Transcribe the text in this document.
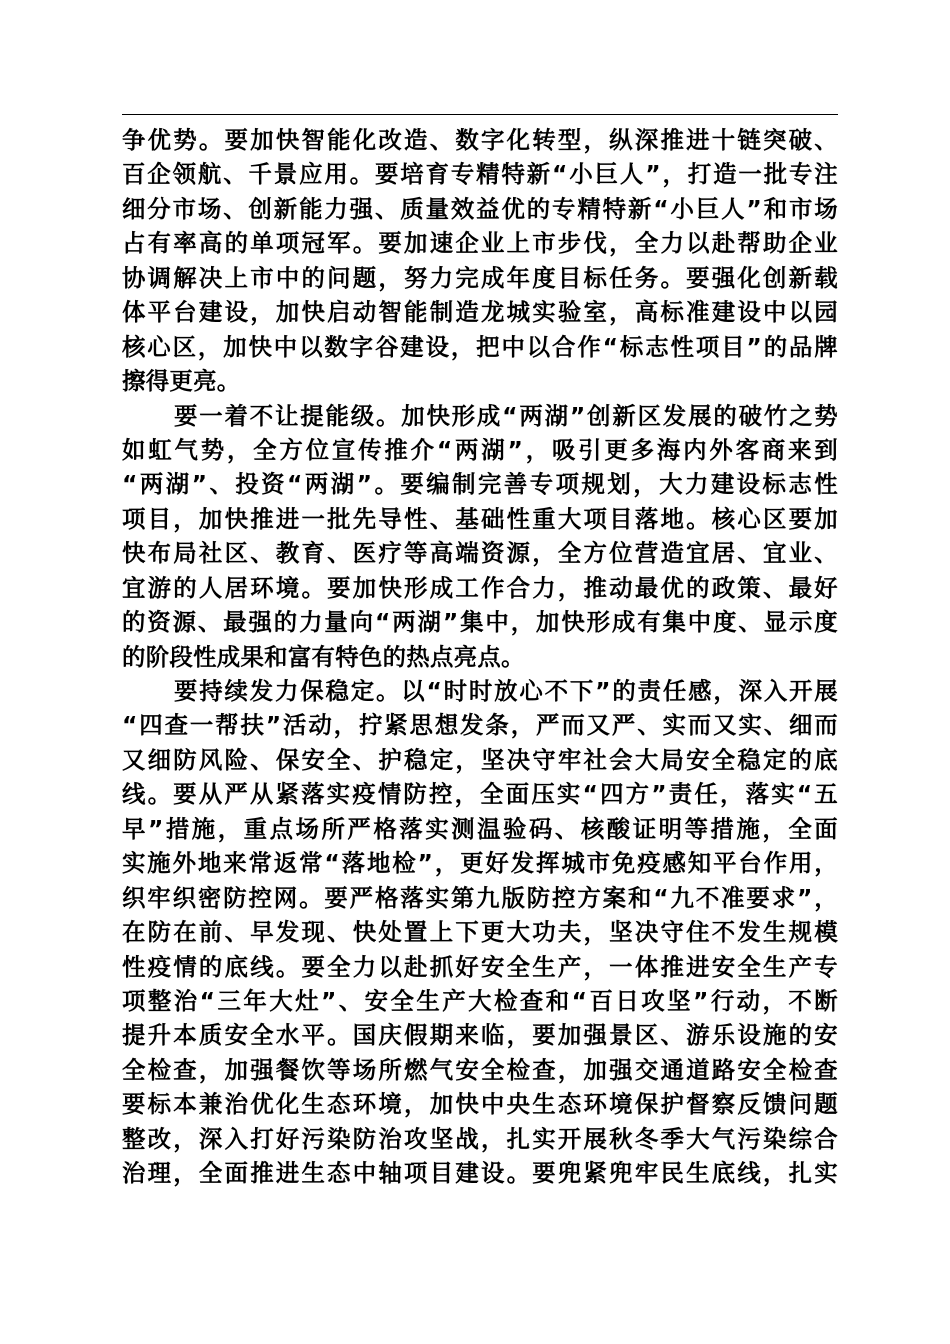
争优势。要加快智能化改造、数字化转型，纵深推进十链突破、
百企领航、千景应用。要培育专精特新“小巨人”，打造一批专注
细分市场、创新能力强、质量效益优的专精特新“小巨人”和市场
占有率高的单项冠军。要加速企业上市步伐，全力以赴帮助企业
协调解决上市中的问题，努力完成年度目标任务。要强化创新载
体平台建设，加快启动智能制造龙城实验室，高标准建设中以园
核心区，加快中以数字谷建设，把中以合作“标志性项目”的品牌
擦得更亮。
要一着不让提能级。加快形成“两湖”创新区发展的破竹之势
如虹气势，全方位宣传推介“两湖”，吸引更多海内外客商来到
“两湖”、投资“两湖”。要编制完善专项规划，大力建设标志性
项目，加快推进一批先导性、基础性重大项目落地。核心区要加
快布局社区、教育、医疗等高端资源，全方位营造宜居、宜业、
宜游的人居环境。要加快形成工作合力，推动最优的政策、最好
的资源、最强的力量向“两湖”集中，加快形成有集中度、显示度
的阶段性成果和富有特色的热点亮点。
要持续发力保稳定。以“时时放心不下”的责任感，深入开展
“四查一帮扶”活动，拧紧思想发条，严而又严、实而又实、细而
又细防风险、保安全、护稳定，坚决守牢社会大局安全稳定的底
线。要从严从紧落实疫情防控，全面压实“四方”责任，落实“五
早”措施，重点场所严格落实测温验码、核酸证明等措施，全面
实施外地来常返常“落地检”，更好发挥城市免疫感知平台作用，
织牢织密防控网。要严格落实第九版防控方案和“九不准要求”，
在防在前、早发现、快处置上下更大功夫，坚决守住不发生规模
性疫情的底线。要全力以赴抓好安全生产，一体推进安全生产专
项整治“三年大灶”、安全生产大检查和“百日攻坚”行动，不断
提升本质安全水平。国庆假期来临，要加强景区、游乐设施的安
全检查，加强餐饮等场所燃气安全检查，加强交通道路安全检查
要标本兼治优化生态环境，加快中央生态环境保护督察反馈问题
整改，深入打好污染防治攻坚战，扎实开展秋冬季大气污染综合
治理，全面推进生态中轴项目建设。要兜紧兜牢民生底线，扎实
